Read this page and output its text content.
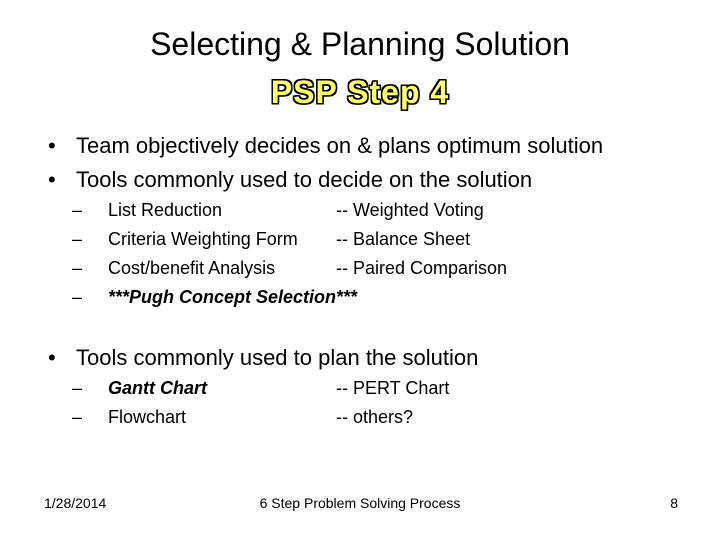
Selecting & Planning Solution
PSP Step 4
• Team objectively decides on & plans optimum solution
• Tools commonly used to decide on the solution
– List Reduction	-- Weighted Voting
– Criteria Weighting Form -- Balance Sheet
– Cost/benefit Analysis	-- Paired Comparison
– ***Pugh Concept Selection***
• Tools commonly used to plan the solution
– Gantt Chart	-- PERT Chart
– Flowchart	-- others?
1/28/2014	6 Step Problem Solving Process	8
